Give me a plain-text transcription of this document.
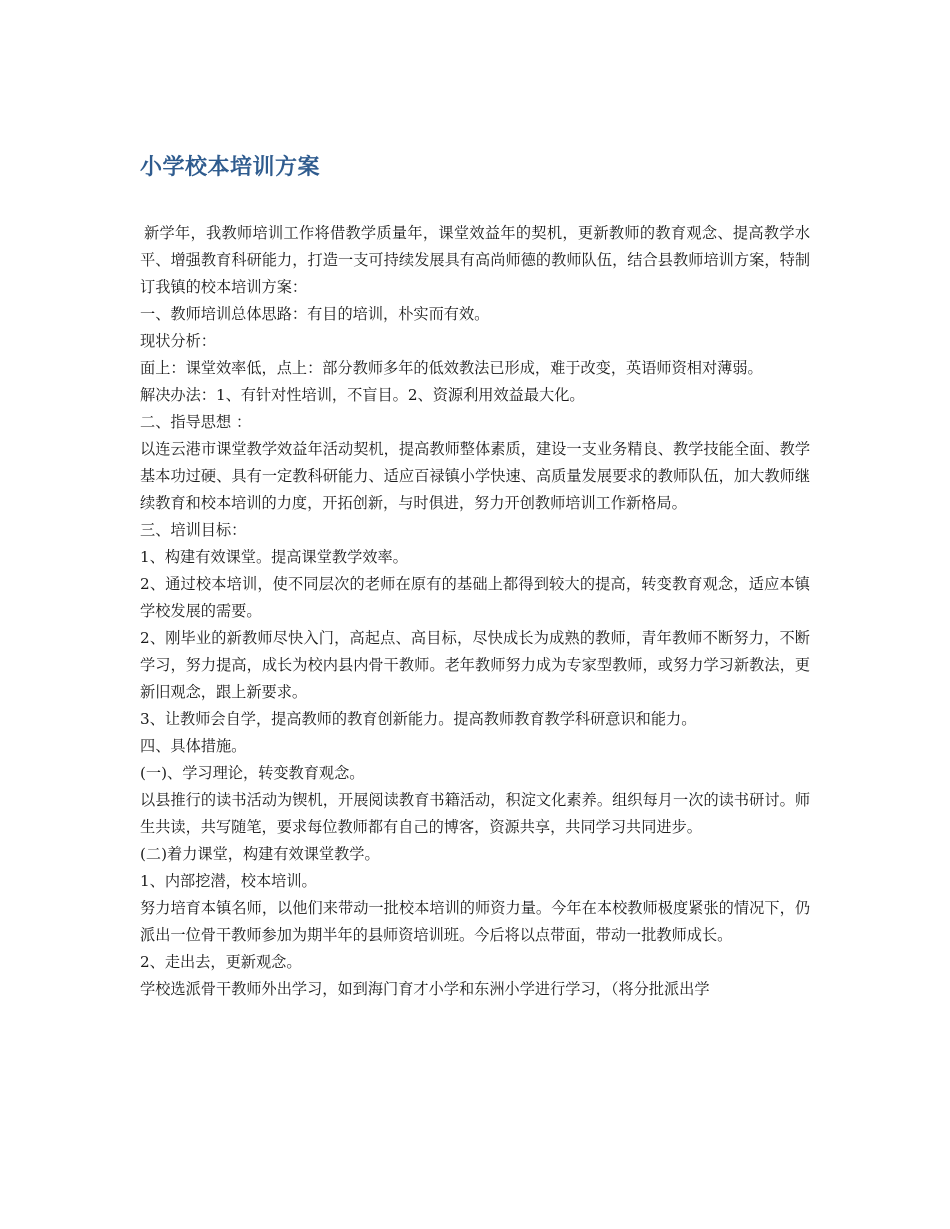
小学校本培训方案

新学年，我教师培训工作将借教学质量年，课堂效益年的契机，更新教师的教育观念、提高教学水平、增强教育科研能力，打造一支可持续发展具有高尚师德的教师队伍，结合县教师培训方案，特制订我镇的校本培训方案：

一、教师培训总体思路：有目的培训，朴实而有效。

现状分析：

面上：课堂效率低，点上：部分教师多年的低效教法已形成，难于改变，英语师资相对薄弱。

解决办法：1、有针对性培训，不盲目。2、资源利用效益最大化。

二、指导思想 ：

以连云港市课堂教学效益年活动契机，提高教师整体素质，建设一支业务精良、教学技能全面、教学基本功过硬、具有一定教科研能力、适应百禄镇小学快速、高质量发展要求的教师队伍，加大教师继续教育和校本培训的力度，开拓创新，与时俱进，努力开创教师培训工作新格局。

三、培训目标：

1、构建有效课堂。提高课堂教学效率。

2、通过校本培训，使不同层次的老师在原有的基础上都得到较大的提高，转变教育观念，适应本镇学校发展的需要。

2、刚毕业的新教师尽快入门，高起点、高目标，尽快成长为成熟的教师，青年教师不断努力，不断学习，努力提高，成长为校内县内骨干教师。老年教师努力成为专家型教师，或努力学习新教法，更新旧观念，跟上新要求。

3、让教师会自学，提高教师的教育创新能力。提高教师教育教学科研意识和能力。

四、具体措施。

(一)、学习理论，转变教育观念。

以县推行的读书活动为锲机，开展阅读教育书籍活动，积淀文化素养。组织每月一次的读书研讨。师生共读，共写随笔，要求每位教师都有自己的博客，资源共享，共同学习共同进步。

(二)着力课堂，构建有效课堂教学。

1、内部挖潜，校本培训。

努力培育本镇名师，以他们来带动一批校本培训的师资力量。今年在本校教师极度紧张的情况下，仍派出一位骨干教师参加为期半年的县师资培训班。今后将以点带面，带动一批教师成长。

2、走出去，更新观念。

学校选派骨干教师外出学习，如到海门育才小学和东洲小学进行学习，（将分批派出学
